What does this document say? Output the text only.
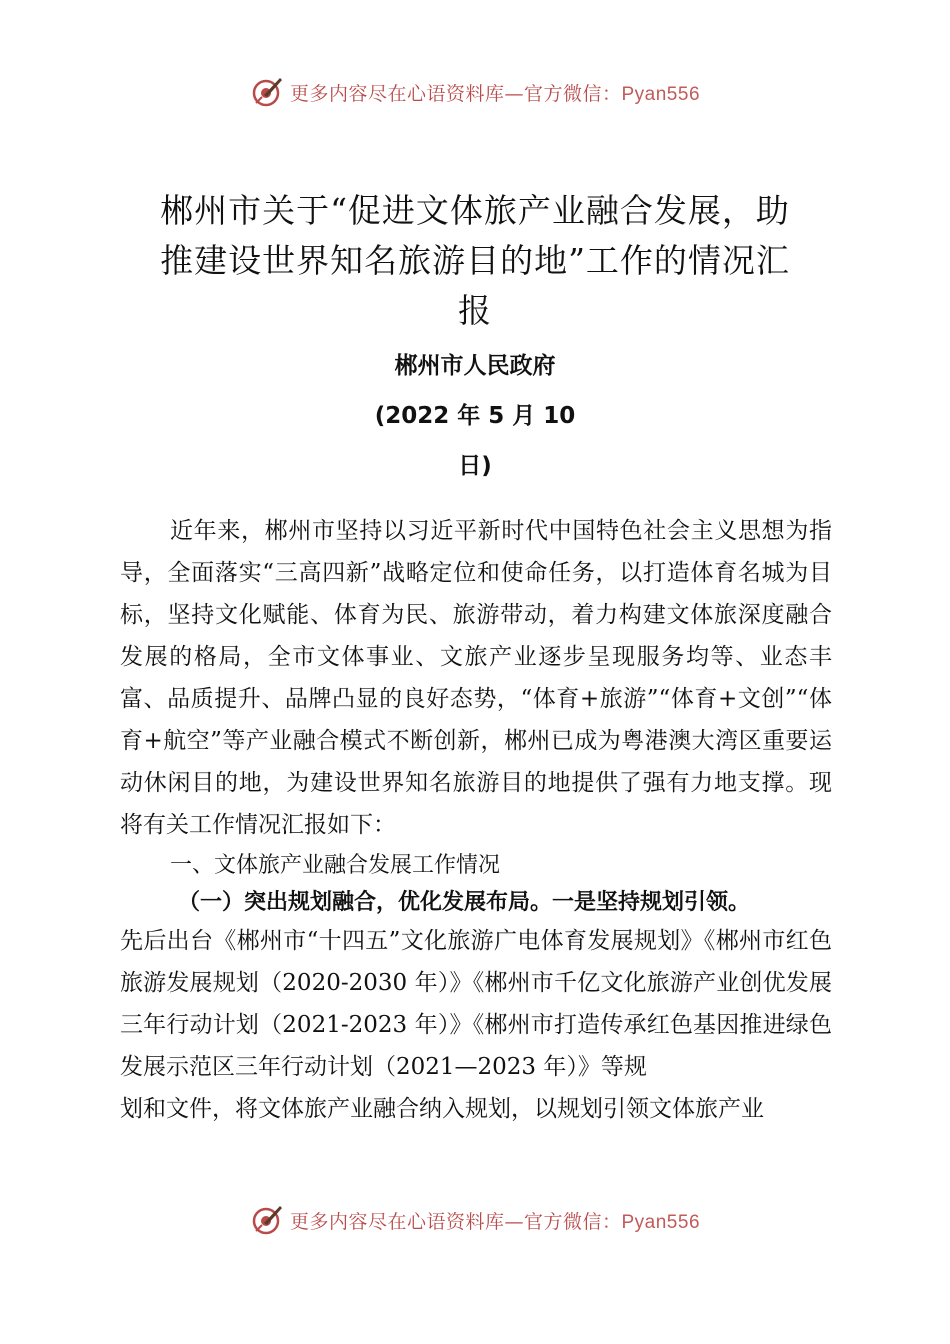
更多内容尽在心语资料库—官方微信：Pyan556
郴州市关于“促进文体旅产业融合发展，助
推建设世界知名旅游目的地”工作的情况汇
报
郴州市人民政府
(2022 年 5 月 10
日)

近年来，郴州市坚持以习近平新时代中国特色社会主义思想为指导，全面落实“三高四新”战略定位和使命任务，以打造体育名城为目标，坚持文化赋能、体育为民、旅游带动，着力构建文体旅深度融合发展的格局，全市文体事业、文旅产业逐步呈现服务均等、业态丰富、品质提升、品牌凸显的良好态势，“体育+旅游”“体育+文创”“体育+航空”等产业融合模式不断创新，郴州已成为粤港澳大湾区重要运动休闲目的地，为建设世界知名旅游目的地提供了强有力地支撑。现将有关工作情况汇报如下：

一、文体旅产业融合发展工作情况

（一）突出规划融合，优化发展布局。一是坚持规划引领。

先后出台《郴州市“十四五”文化旅游广电体育发展规划》《郴州市红色旅游发展规划（2020-2030 年）》《郴州市千亿文化旅游产业创优发展三年行动计划（2021-2023 年）》《郴州市打造传承红色基因推进绿色发展示范区三年行动计划（2021—2023 年）》等规

划和文件，将文体旅产业融合纳入规划，以规划引领文体旅产业

更多内容尽在心语资料库—官方微信：Pyan556
